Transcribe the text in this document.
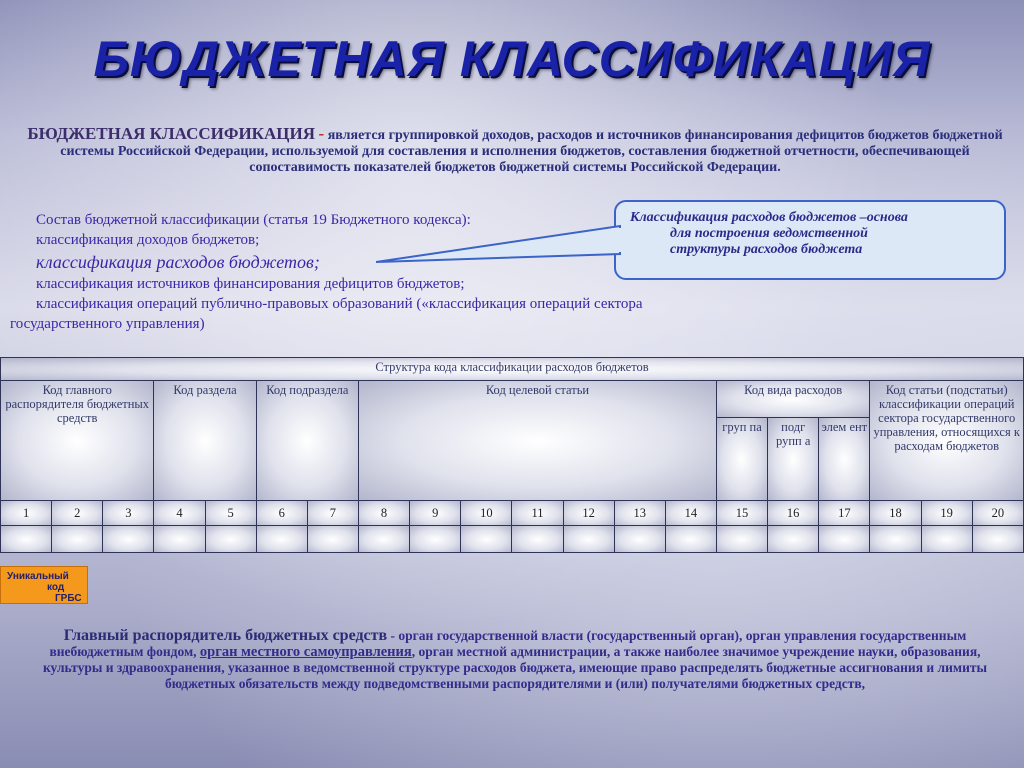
БЮДЖЕТНАЯ КЛАССИФИКАЦИЯ
БЮДЖЕТНАЯ КЛАССИФИКАЦИЯ - является группировкой доходов, расходов и источников финансирования дефицитов бюджетов бюджетной системы Российской Федерации, используемой для составления и исполнения бюджетов, составления бюджетной отчетности, обеспечивающей сопоставимость показателей бюджетов бюджетной системы Российской Федерации.
Состав бюджетной классификации (статья 19 Бюджетного кодекса):
классификация доходов бюджетов;
классификация расходов бюджетов;
классификация источников финансирования дефицитов бюджетов;
классификация операций публично-правовых образований («классификация операций сектора государственного управления)
Классификация расходов бюджетов –основа
для построения ведомственной
структуры расходов бюджета
Структура кода классификации расходов бюджетов																			
Код главного распорядителя бюджетных средств			Код раздела		Код подраздела		Код целевой статьи							Код вида расходов			Код статьи (подстатьи) классификации операций сектора государственного управления, относящихся к расходам бюджетов		
														груп па	подг рупп а	элем ент			
1	2	3	4	5	6	7	8	9	10	11	12	13	14	15	16	17	18	19	20

Уникальный
код
ГРБС
Главный распорядитель бюджетных средств - орган государственной власти (государственный орган), орган управления государственным внебюджетным фондом, орган местного самоуправления, орган местной администрации, а также наиболее значимое учреждение науки, образования, культуры и здравоохранения, указанное в ведомственной структуре расходов бюджета, имеющие право распределять бюджетные ассигнования и лимиты бюджетных обязательств между подведомственными распорядителями и (или) получателями бюджетных средств,
